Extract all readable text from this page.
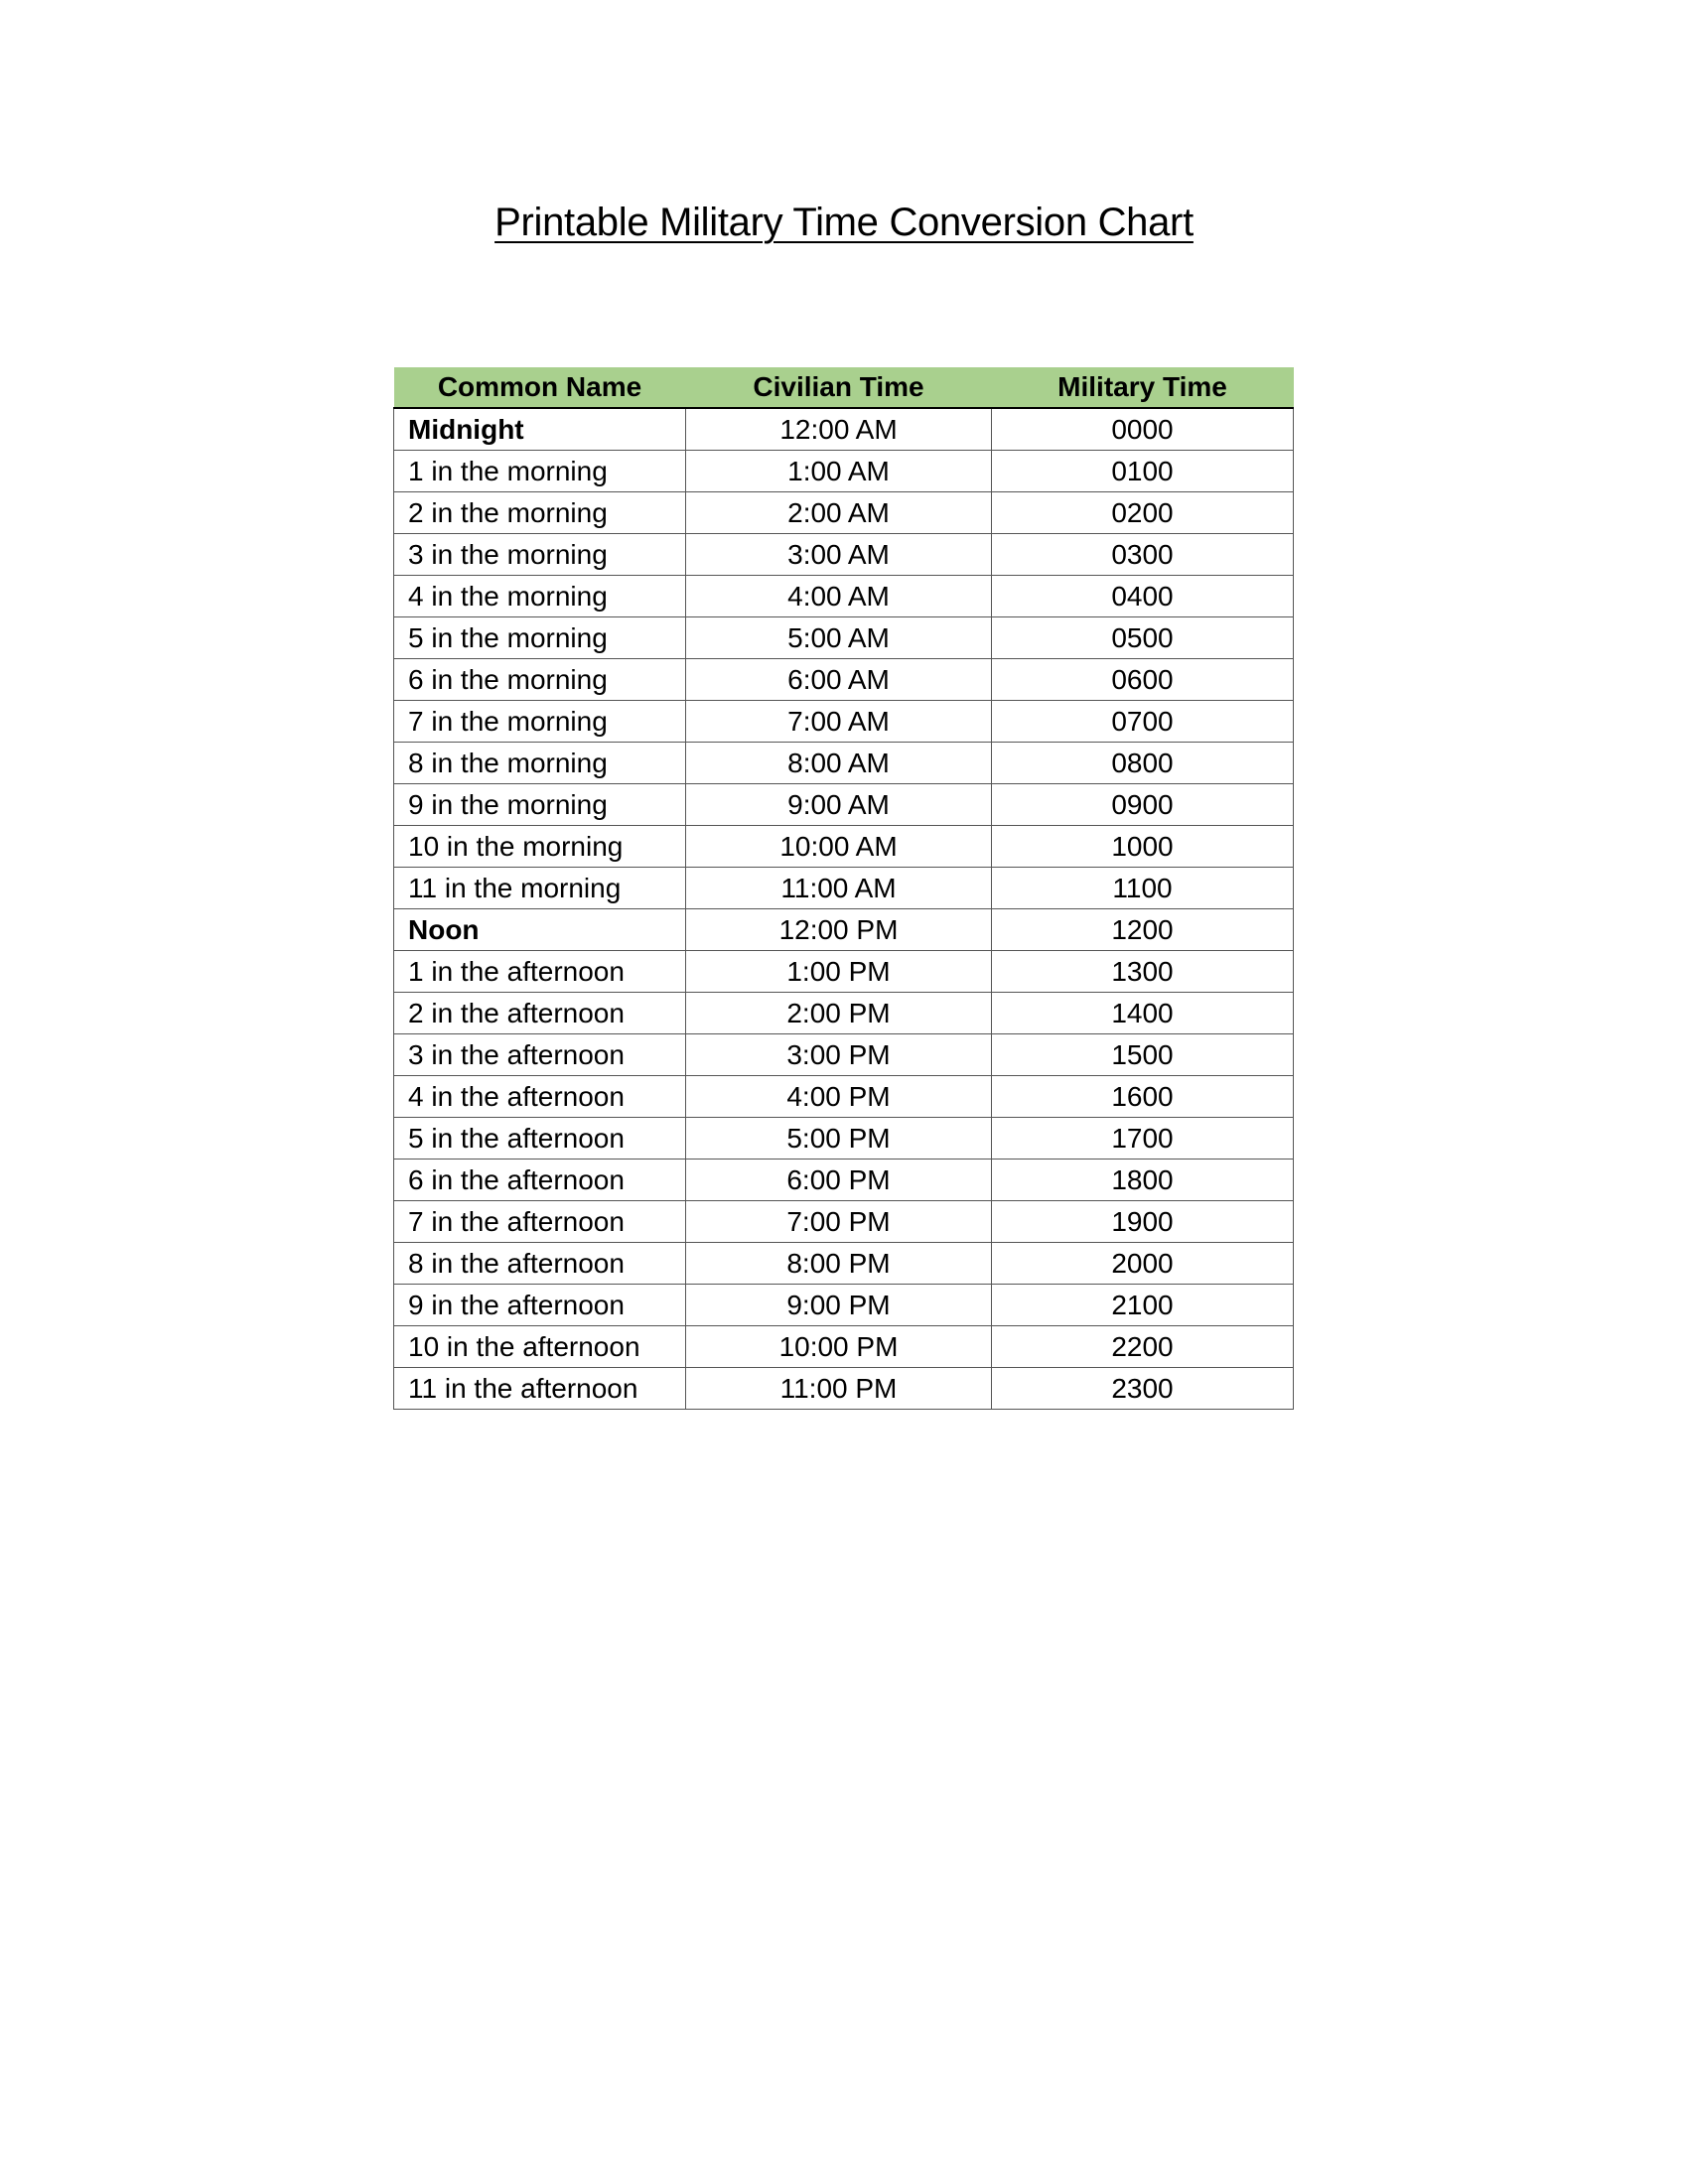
Printable Military Time Conversion Chart
Common Name	Civilian Time	Military Time
Midnight	12:00 AM	0000
1 in the morning	1:00 AM	0100
2 in the morning	2:00 AM	0200
3 in the morning	3:00 AM	0300
4 in the morning	4:00 AM	0400
5 in the morning	5:00 AM	0500
6 in the morning	6:00 AM	0600
7 in the morning	7:00 AM	0700
8 in the morning	8:00 AM	0800
9 in the morning	9:00 AM	0900
10 in the morning	10:00 AM	1000
11 in the morning	11:00 AM	1100
Noon	12:00 PM	1200
1 in the afternoon	1:00 PM	1300
2 in the afternoon	2:00 PM	1400
3 in the afternoon	3:00 PM	1500
4 in the afternoon	4:00 PM	1600
5 in the afternoon	5:00 PM	1700
6 in the afternoon	6:00 PM	1800
7 in the afternoon	7:00 PM	1900
8 in the afternoon	8:00 PM	2000
9 in the afternoon	9:00 PM	2100
10 in the afternoon	10:00 PM	2200
11 in the afternoon	11:00 PM	2300
